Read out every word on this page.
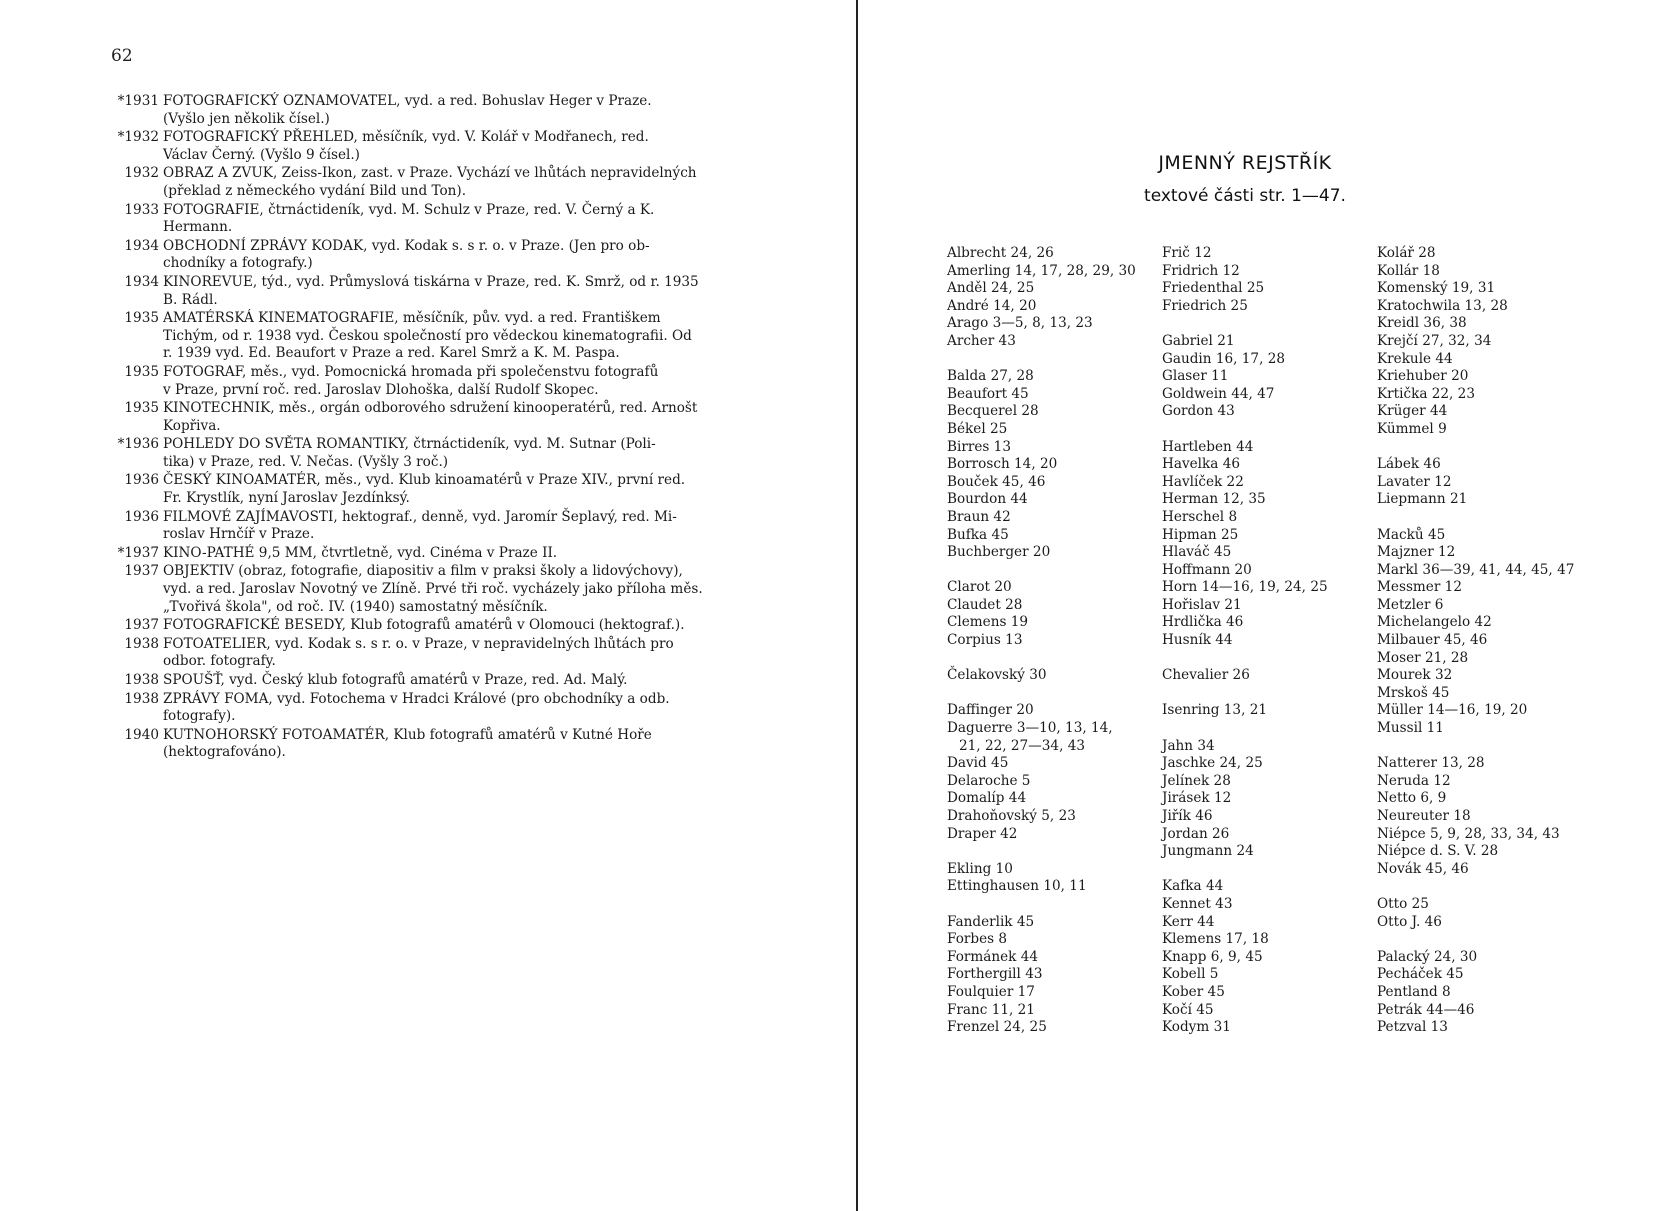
62
*1931 FOTOGRAFICKÝ OZNAMOVATEL, vyd. a red. Bohuslav Heger v Praze.
(Vyšlo jen několik čísel.)
*1932 FOTOGRAFICKÝ PŘEHLED, měsíčník, vyd. V. Kolář v Modřanech, red.
Václav Černý. (Vyšlo 9 čísel.)
1932 OBRAZ A ZVUK, Zeiss-Ikon, zast. v Praze. Vychází ve lhůtách nepravidelných
(překlad z německého vydání Bild und Ton).
1933 FOTOGRAFIE, čtrnáctideník, vyd. M. Schulz v Praze, red. V. Černý a K.
Hermann.
1934 OBCHODNÍ ZPRÁVY KODAK, vyd. Kodak s. s r. o. v Praze. (Jen pro ob-
chodníky a fotografy.)
1934 KINOREVUE, týd., vyd. Průmyslová tiskárna v Praze, red. K. Smrž, od r. 1935
B. Rádl.
1935 AMATÉRSKÁ KINEMATOGRAFIE, měsíčník, pův. vyd. a red. Františkem
Tichým, od r. 1938 vyd. Českou společností pro vědeckou kinematografii. Od
r. 1939 vyd. Ed. Beaufort v Praze a red. Karel Smrž a K. M. Paspa.
1935 FOTOGRAF, měs., vyd. Pomocnická hromada při společenstvu fotografů
v Praze, první roč. red. Jaroslav Dlohoška, další Rudolf Skopec.
1935 KINOTECHNIK, měs., orgán odborového sdružení kinooperatérů, red. Arnošt
Kopřiva.
*1936 POHLEDY DO SVĚTA ROMANTIKY, čtrnáctideník, vyd. M. Sutnar (Poli-
tika) v Praze, red. V. Nečas. (Vyšly 3 roč.)
1936 ČESKÝ KINOAMATÉR, měs., vyd. Klub kinoamatérů v Praze XIV., první red.
Fr. Krystlík, nyní Jaroslav Jezdínksý.
1936 FILMOVÉ ZAJÍMAVOSTI, hektograf., denně, vyd. Jaromír Šeplavý, red. Mi-
roslav Hrnčíř v Praze.
*1937 KINO-PATHÉ 9,5 MM, čtvrtletně, vyd. Cinéma v Praze II.
1937 OBJEKTIV (obraz, fotografie, diapositiv a film v praksi školy a lidovýchovy),
vyd. a red. Jaroslav Novotný ve Zlíně. Prvé tři roč. vycházely jako příloha měs.
„Tvořivá škola", od roč. IV. (1940) samostatný měsíčník.
1937 FOTOGRAFICKÉ BESEDY, Klub fotografů amatérů v Olomouci (hektograf.).
1938 FOTOATELIER, vyd. Kodak s. s r. o. v Praze, v nepravidelných lhůtách pro
odbor. fotografy.
1938 SPOUŠŤ, vyd. Český klub fotografů amatérů v Praze, red. Ad. Malý.
1938 ZPRÁVY FOMA, vyd. Fotochema v Hradci Králové (pro obchodníky a odb.
fotografy).
1940 KUTNOHORSKÝ FOTOAMATÉR, Klub fotografů amatérů v Kutné Hoře
(hektografováno).
JMENNÝ REJSTŘÍK
textové části str. 1—47.
Albrecht 24, 26
Amerling 14, 17, 28, 29, 30
Anděl 24, 25
André 14, 20
Arago 3—5, 8, 13, 23
Archer 43
Balda 27, 28
Beaufort 45
Becquerel 28
Békel 25
Birres 13
Borrosch 14, 20
Bouček 45, 46
Bourdon 44
Braun 42
Bufka 45
Buchberger 20
Clarot 20
Claudet 28
Clemens 19
Corpius 13
Čelakovský 30
Daffinger 20
Daguerre 3—10, 13, 14,
21, 22, 27—34, 43
David 45
Delaroche 5
Domalíp 44
Drahoňovský 5, 23
Draper 42
Ekling 10
Ettinghausen 10, 11
Fanderlik 45
Forbes 8
Formánek 44
Forthergill 43
Foulquier 17
Franc 11, 21
Frenzel 24, 25
Frič 12
Fridrich 12
Friedenthal 25
Friedrich 25
Gabriel 21
Gaudin 16, 17, 28
Glaser 11
Goldwein 44, 47
Gordon 43
Hartleben 44
Havelka 46
Havlíček 22
Herman 12, 35
Herschel 8
Hipman 25
Hlaváč 45
Hoffmann 20
Horn 14—16, 19, 24, 25
Hořislav 21
Hrdlička 46
Husník 44
Chevalier 26
Isenring 13, 21
Jahn 34
Jaschke 24, 25
Jelínek 28
Jirásek 12
Jiřík 46
Jordan 26
Jungmann 24
Kafka 44
Kennet 43
Kerr 44
Klemens 17, 18
Knapp 6, 9, 45
Kobell 5
Kober 45
Kočí 45
Kodym 31
Kolář 28
Kollár 18
Komenský 19, 31
Kratochwila 13, 28
Kreidl 36, 38
Krejčí 27, 32, 34
Krekule 44
Kriehuber 20
Krtička 22, 23
Krüger 44
Kümmel 9
Lábek 46
Lavater 12
Liepmann 21
Macků 45
Majzner 12
Markl 36—39, 41, 44, 45, 47
Messmer 12
Metzler 6
Michelangelo 42
Milbauer 45, 46
Moser 21, 28
Mourek 32
Mrskoš 45
Müller 14—16, 19, 20
Mussil 11
Natterer 13, 28
Neruda 12
Netto 6, 9
Neureuter 18
Niépce 5, 9, 28, 33, 34, 43
Niépce d. S. V. 28
Novák 45, 46
Otto 25
Otto J. 46
Palacký 24, 30
Pecháček 45
Pentland 8
Petrák 44—46
Petzval 13
